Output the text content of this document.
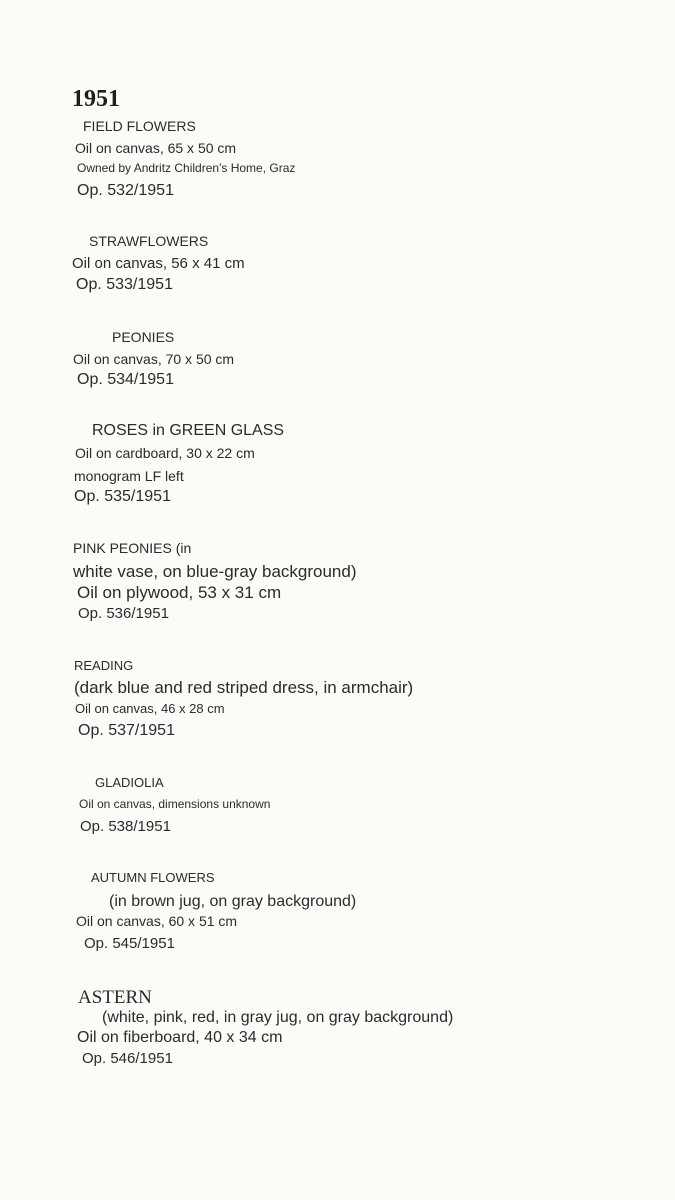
1951
FIELD FLOWERS
Oil on canvas, 65 x 50 cm
Owned by Andritz Children's Home, Graz
Op. 532/1951
STRAWFLOWERS
Oil on canvas, 56 x 41 cm
Op. 533/1951
PEONIES
Oil on canvas, 70 x 50 cm
Op. 534/1951
ROSES in GREEN GLASS
Oil on cardboard, 30 x 22 cm
monogram LF left
Op. 535/1951
PINK PEONIES (in
white vase, on blue-gray background)
Oil on plywood, 53 x 31 cm
Op. 536/1951
READING
(dark blue and red striped dress, in armchair)
Oil on canvas, 46 x 28 cm
Op. 537/1951
GLADIOLIA
Oil on canvas, dimensions unknown
Op. 538/1951
AUTUMN FLOWERS
(in brown jug, on gray background)
Oil on canvas, 60 x 51 cm
Op. 545/1951
ASTERN
(white, pink, red, in gray jug, on gray background)
Oil on fiberboard, 40 x 34 cm
Op. 546/1951
